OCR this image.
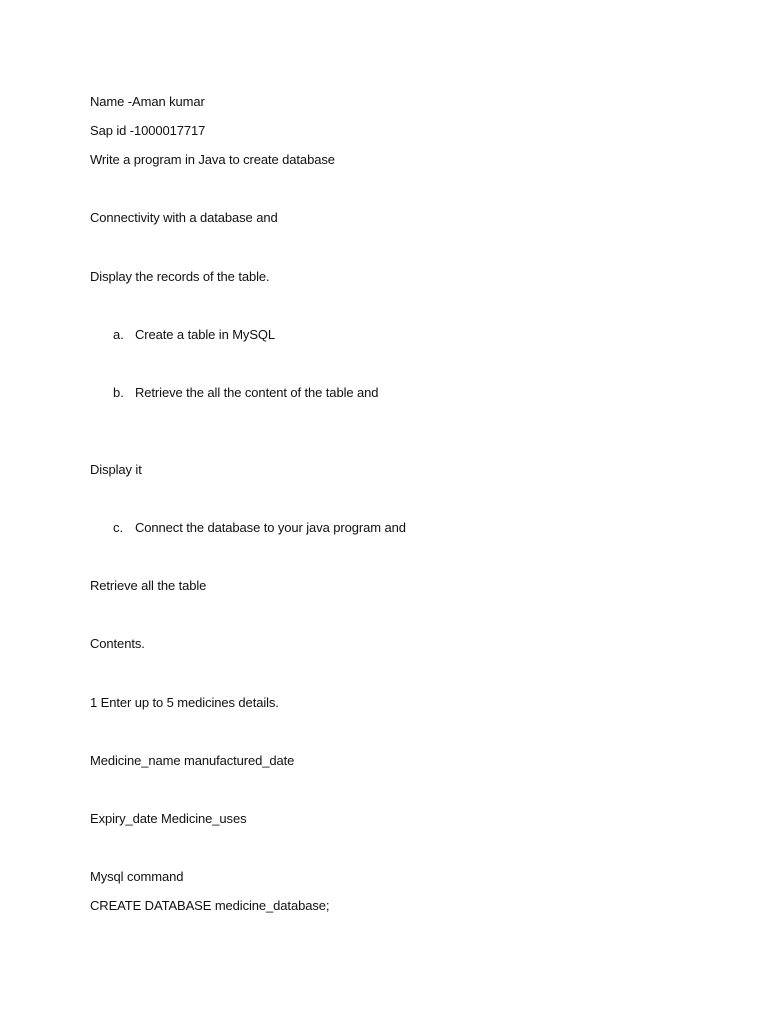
Name -Aman kumar
Sap id -1000017717
Write a program in Java to create database
Connectivity with a database and
Display the records of the table.
a. Create a table in MySQL
b. Retrieve the all the content of the table and
Display it
c. Connect the database to your java program and
Retrieve all the table
Contents.
1 Enter up to 5 medicines details.
Medicine_name manufactured_date
Expiry_date Medicine_uses
Mysql command
CREATE DATABASE medicine_database;
